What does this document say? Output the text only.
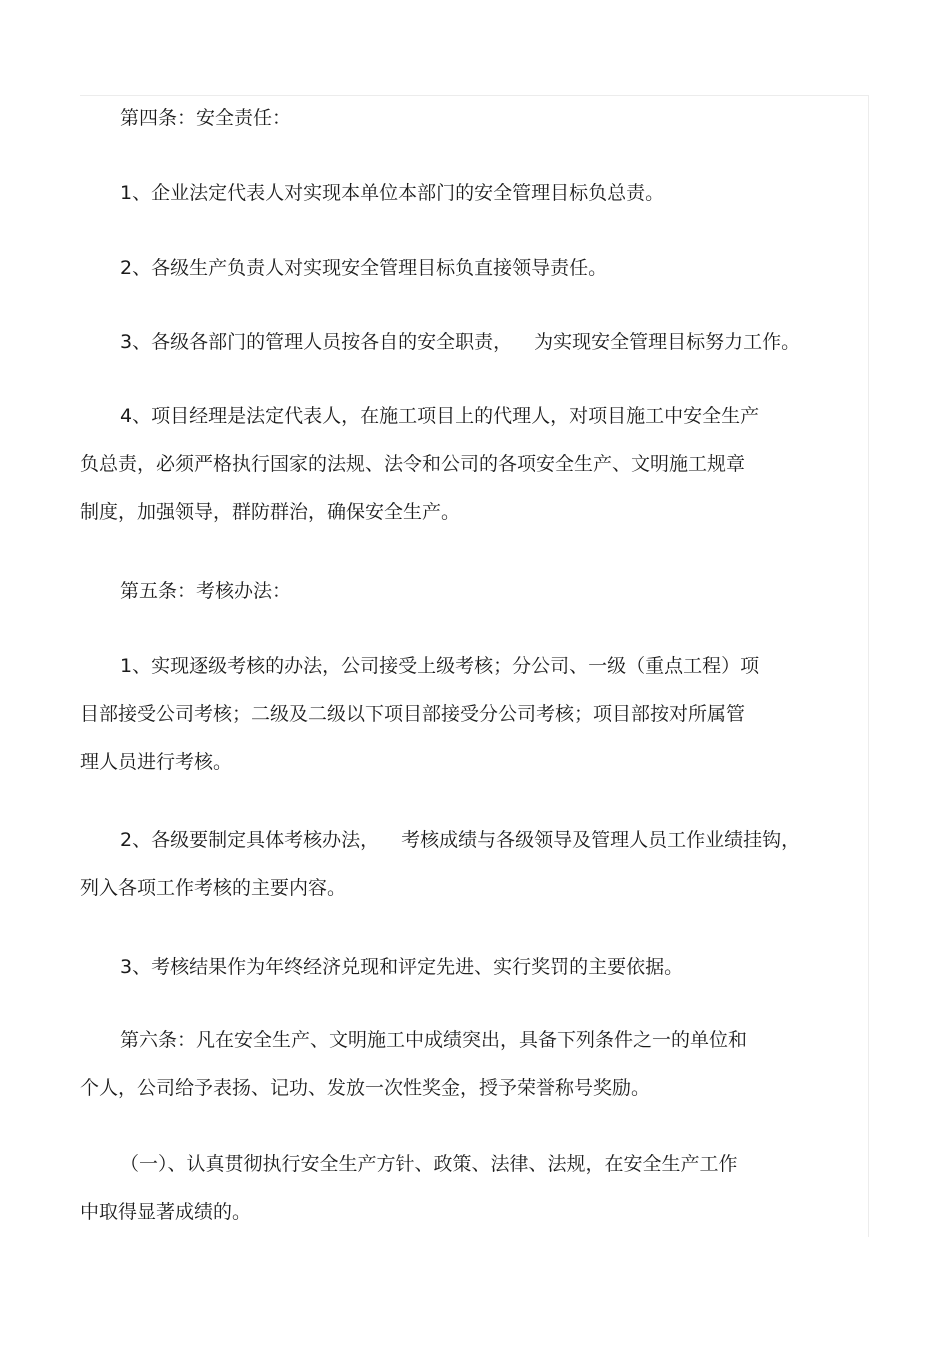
第四条：安全责任：

1、企业法定代表人对实现本单位本部门的安全管理目标负总责。

2、各级生产负责人对实现安全管理目标负直接领导责任。

3、各级各部门的管理人员按各自的安全职责， 为实现安全管理目标努力工作。

4、项目经理是法定代表人，在施工项目上的代理人，对项目施工中安全生产
负总责，必须严格执行国家的法规、法令和公司的各项安全生产、文明施工规章
制度，加强领导，群防群治，确保安全生产。

第五条：考核办法：

1、实现逐级考核的办法，公司接受上级考核；分公司、一级（重点工程）项
目部接受公司考核；二级及二级以下项目部接受分公司考核；项目部按对所属管
理人员进行考核。

2、各级要制定具体考核办法， 考核成绩与各级领导及管理人员工作业绩挂钩，
列入各项工作考核的主要内容。

3、考核结果作为年终经济兑现和评定先进、实行奖罚的主要依据。

第六条：凡在安全生产、文明施工中成绩突出，具备下列条件之一的单位和
个人，公司给予表扬、记功、发放一次性奖金，授予荣誉称号奖励。

（一）、认真贯彻执行安全生产方针、政策、法律、法规，在安全生产工作
中取得显著成绩的。
